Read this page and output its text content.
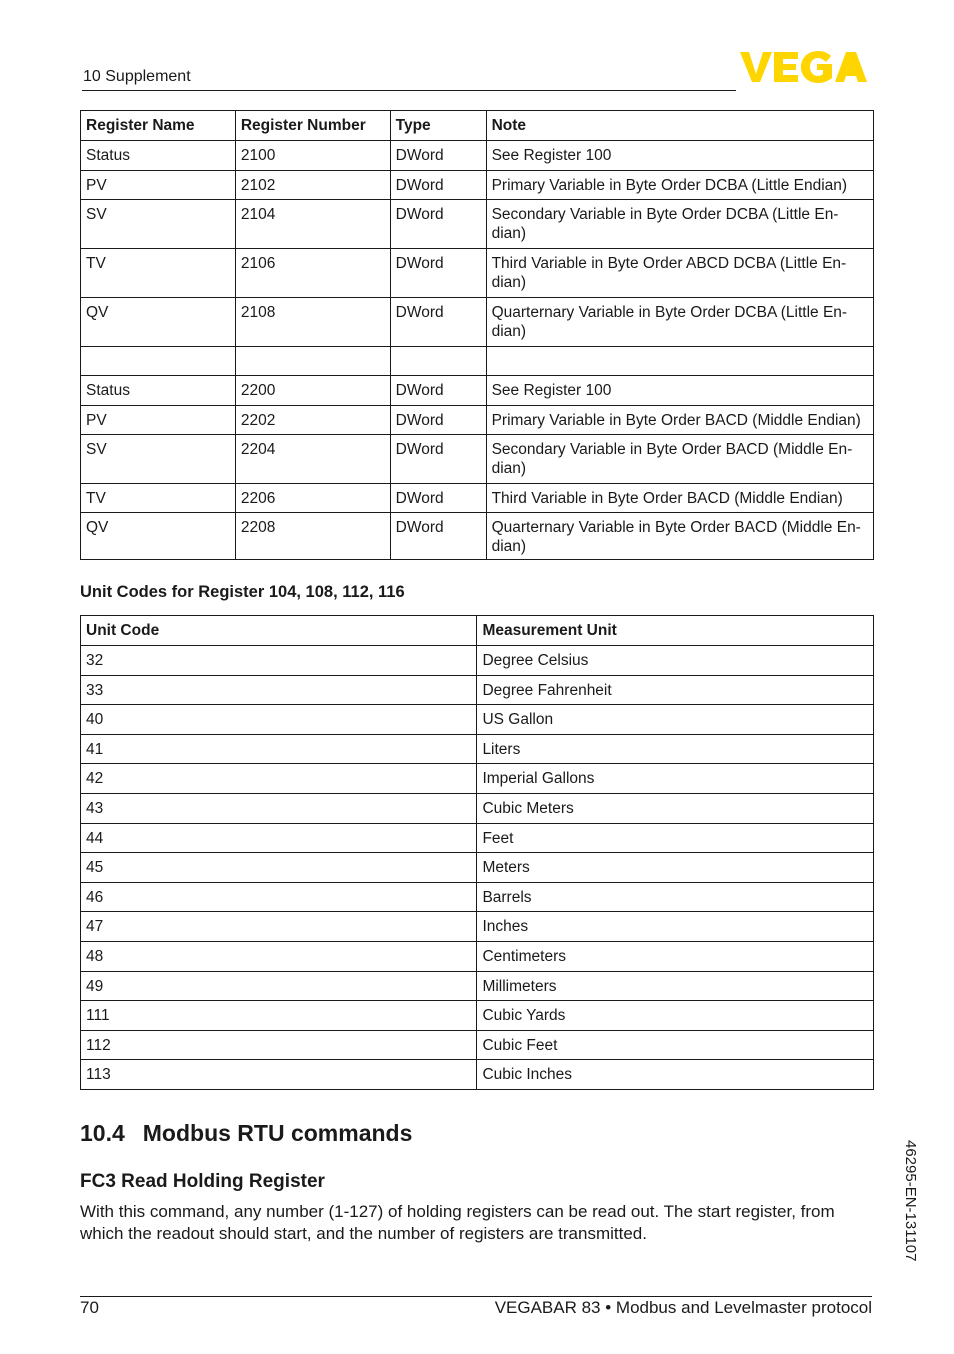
10 Supplement
Register Name	Register Number	Type	Note
Status	2100	DWord	See Register 100
PV	2102	DWord	Primary Variable in Byte Order DCBA (Little Endian)
SV	2104	DWord	Secondary Variable in Byte Order DCBA (Little En-
dian)
TV	2106	DWord	Third Variable in Byte Order ABCD DCBA (Little En-
dian)
QV	2108	DWord	Quarternary Variable in Byte Order DCBA (Little En-
dian)

Status	2200	DWord	See Register 100
PV	2202	DWord	Primary Variable in Byte Order BACD (Middle Endian)
SV	2204	DWord	Secondary Variable in Byte Order BACD (Middle En-
dian)
TV	2206	DWord	Third Variable in Byte Order BACD (Middle Endian)
QV	2208	DWord	Quarternary Variable in Byte Order BACD (Middle En-
dian)
Unit Codes for Register 104, 108, 112, 116
Unit Code	Measurement Unit
32	Degree Celsius
33	Degree Fahrenheit
40	US Gallon
41	Liters
42	Imperial Gallons
43	Cubic Meters
44	Feet
45	Meters
46	Barrels
47	Inches
48	Centimeters
49	Millimeters
111	Cubic Yards
112	Cubic Feet
113	Cubic Inches
10.4 Modbus RTU commands
FC3 Read Holding Register
With this command, any number (1-127) of holding registers can be read out. The start register, from which the readout should start, and the number of registers are transmitted.	46295-EN-131107
70	VEGABAR 83 • Modbus and Levelmaster protocol
